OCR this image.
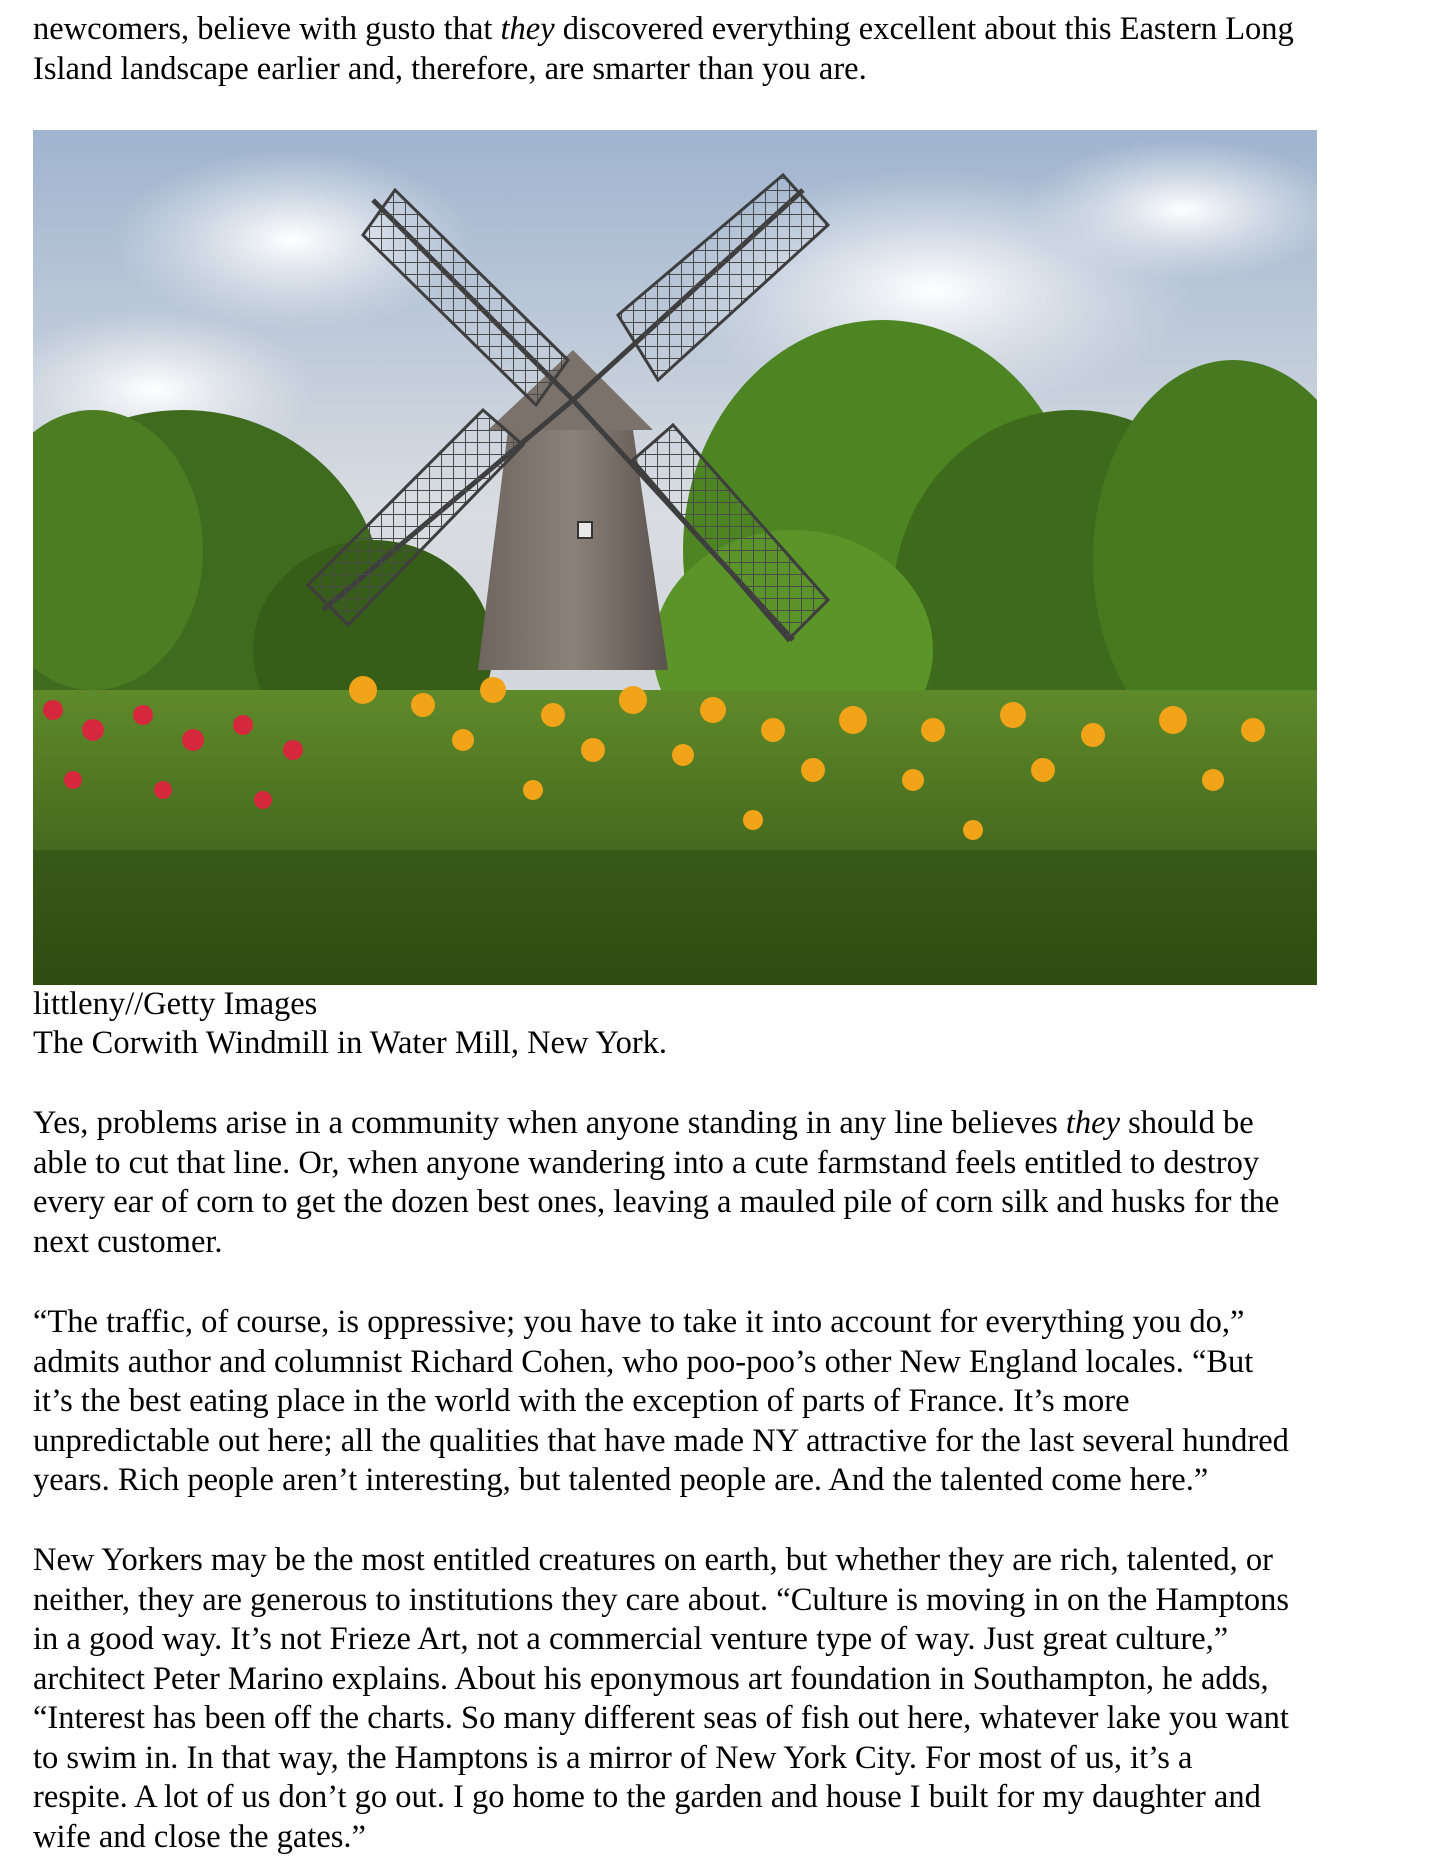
newcomers, believe with gusto that they discovered everything excellent about this Eastern Long
Island landscape earlier and, therefore, are smarter than you are.

littleny//Getty Images
The Corwith Windmill in Water Mill, New York.

Yes, problems arise in a community when anyone standing in any line believes they should be
able to cut that line. Or, when anyone wandering into a cute farmstand feels entitled to destroy
every ear of corn to get the dozen best ones, leaving a mauled pile of corn silk and husks for the
next customer.

“The traffic, of course, is oppressive; you have to take it into account for everything you do,”
admits author and columnist Richard Cohen, who poo-poo’s other New England locales. “But
it’s the best eating place in the world with the exception of parts of France. It’s more
unpredictable out here; all the qualities that have made NY attractive for the last several hundred
years. Rich people aren’t interesting, but talented people are. And the talented come here.”

New Yorkers may be the most entitled creatures on earth, but whether they are rich, talented, or
neither, they are generous to institutions they care about. “Culture is moving in on the Hamptons
in a good way. It’s not Frieze Art, not a commercial venture type of way. Just great culture,”
architect Peter Marino explains. About his eponymous art foundation in Southampton, he adds,
“Interest has been off the charts. So many different seas of fish out here, whatever lake you want
to swim in. In that way, the Hamptons is a mirror of New York City. For most of us, it’s a
respite. A lot of us don’t go out. I go home to the garden and house I built for my daughter and
wife and close the gates.”
